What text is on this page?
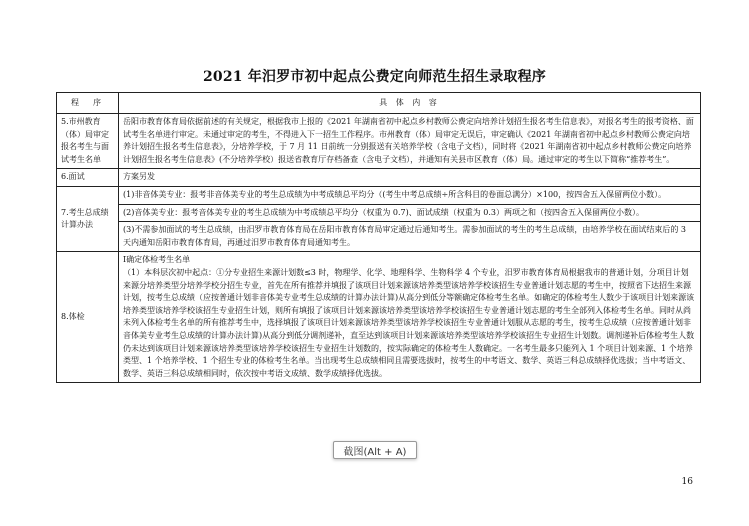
2021 年汨罗市初中起点公费定向师范生招生录取程序
程　序	具 体 内 容
5.市州教育（体）局审定报名考生与面试考生名单	岳阳市教育体育局依据前述的有关规定，根据我市上报的《2021 年湖南省初中起点乡村教师公费定向培养计划招生报名考生信息表》，对报名考生的报考资格、面试考生名单进行审定。未通过审定的考生，不得进入下一招生工作程序。市州教育（体）局审定无误后，审定确认《2021 年湖南省初中起点乡村教师公费定向培养计划招生报名考生信息表》，分培养学校，于 7 月 11 日前统一分别报送有关培养学校（含电子文档），同时将《2021 年湖南省初中起点乡村教师公费定向培养计划招生报名考生信息表》(不分培养学校）报送省教育厅存档备查（含电子文档），并通知有关县市区教育（体）局。通过审定的考生以下简称“推荐考生”。

6.面试	方案另发

7.考生总成绩计算办法	(1)非音体美专业：报考非音体美专业的考生总成绩为中考成绩总平均分（(考生中考总成绩÷所含科目的卷面总满分）×100，按四舍五入保留两位小数）。

	(2)音体美专业：报考音体美专业的考生总成绩为中考成绩总平均分（权重为 0.7)、面试成绩（权重为 0.3）两项之和（按四舍五入保留两位小数）。

	(3)不需参加面试的考生总成绩，由汨罗市教育体育局在岳阳市教育体育局审定通过后通知考生。需参加面试的考生的考生总成绩，由培养学校在面试结束后的 3 天内通知岳阳市教育体育局，再通过汨罗市教育体育局通知考生。

8.体检	Ⅰ确定体检考生名单

（1）本科层次初中起点：①分专业招生来源计划数≤3 时，物理学、化学、地理科学、生物科学 4 个专业，汨罗市教育体育局根据我市的普通计划，分项目计划来源分培养类型分培养学校分招生专业，首先在所有推荐并填报了该项目计划来源该培养类型该培养学校该招生专业普通计划志愿的考生中，按照省下达招生来源计划，按考生总成绩（应按普通计划非音体美专业考生总成绩的计算办法计算)从高分到低分等额确定体检考生名单。如确定的体检考生人数少于该项目计划来源该培养类型该培养学校该招生专业招生计划，则所有填报了该项目计划来源该培养类型该培养学校该招生专业普通计划志愿的考生全部列入体检考生名单。同时从尚未列入体检考生名单的所有推荐考生中，选择填报了该项目计划来源该培养类型该培养学校该招生专业普通计划服从志愿的考生，按考生总成绩（应按普通计划非音体美专业考生总成绩的计算办法计算)从高分到低分调剂递补，直至达到该项目计划来源该培养类型该培养学校该招生专业招生计划数。调剂递补后体检考生人数仍未达到该项目计划来源该培养类型该培养学校该招生专业招生计划数的，按实际确定的体检考生人数确定。一名考生最多只能列入 1 个项目计划来源、1 个培养类型、1 个培养学校、1 个招生专业的体检考生名单。当出现考生总成绩相同且需要选拔时，按考生的中考语文、数学、英语三科总成绩择优选拔；当中考语文、数学、英语三科总成绩相同时，依次按中考语文成绩、数学成绩择优选拔。

截图(Alt + A)
16
